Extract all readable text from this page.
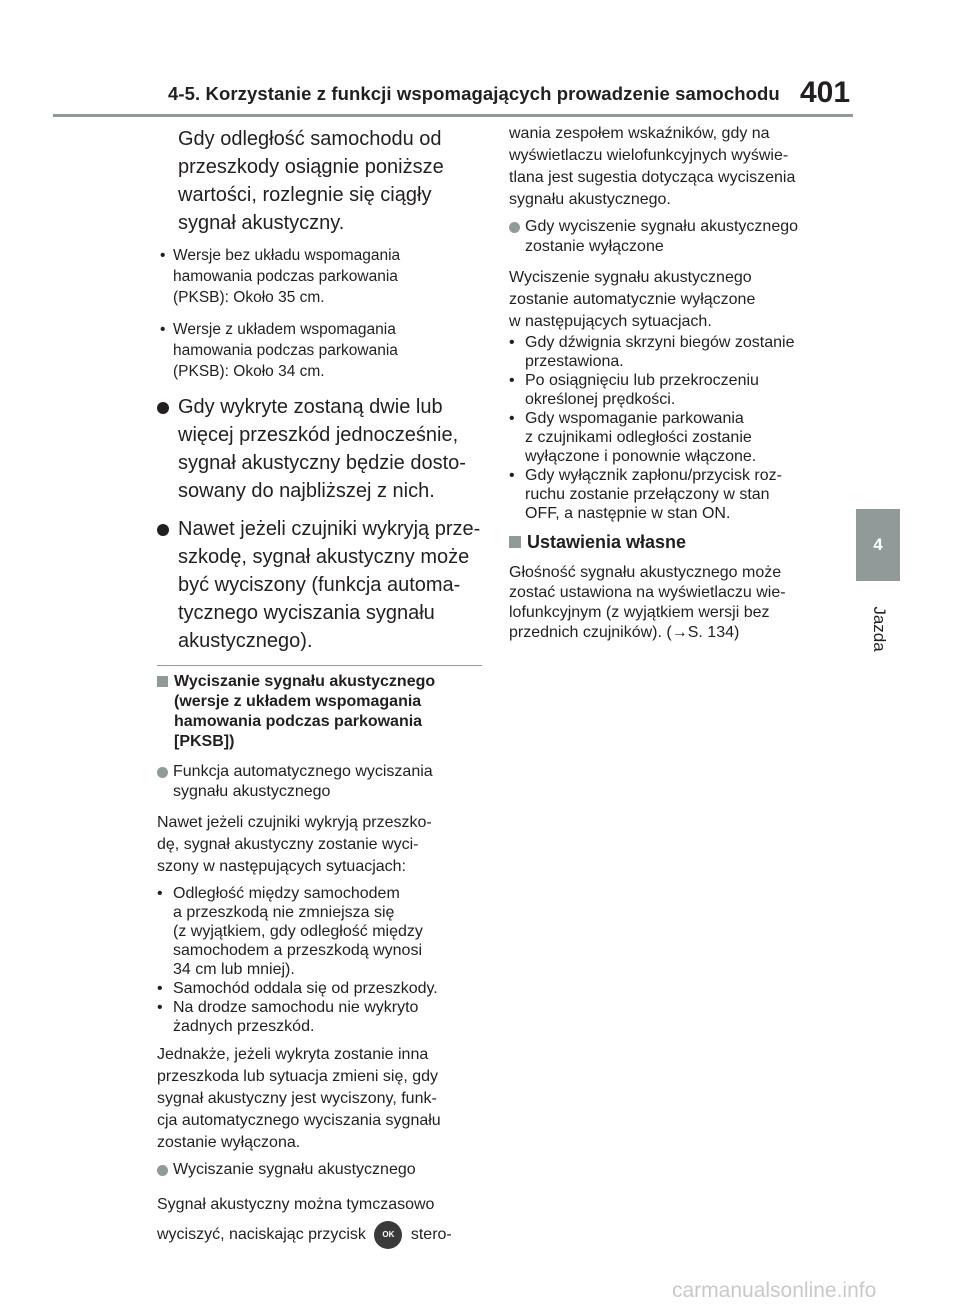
4-5. Korzystanie z funkcji wspomagających prowadzenie samochodu 401
4
Jazda
Gdy odległość samochodu od
przeszkody osiągnie poniższe
wartości, rozlegnie się ciągły
sygnał akustyczny.
• Wersje bez układu wspomagania
hamowania podczas parkowania
(PKSB): Około 35 cm.
• Wersje z układem wspomagania
hamowania podczas parkowania
(PKSB): Około 34 cm.
Gdy wykryte zostaną dwie lub
więcej przeszkód jednocześnie,
sygnał akustyczny będzie dosto-
sowany do najbliższej z nich.
Nawet jeżeli czujniki wykryją prze-
szkodę, sygnał akustyczny może
być wyciszony (funkcja automa-
tycznego wyciszania sygnału
akustycznego).
Wyciszanie sygnału akustycznego
(wersje z układem wspomagania
hamowania podczas parkowania
[PKSB])
Funkcja automatycznego wyciszania
sygnału akustycznego
Nawet jeżeli czujniki wykryją przeszko-
dę, sygnał akustyczny zostanie wyci-
szony w następujących sytuacjach:
• Odległość między samochodem
a przeszkodą nie zmniejsza się
(z wyjątkiem, gdy odległość między
samochodem a przeszkodą wynosi
34 cm lub mniej).
• Samochód oddala się od przeszkody.
• Na drodze samochodu nie wykryto
żadnych przeszkód.
Jednakże, jeżeli wykryta zostanie inna
przeszkoda lub sytuacja zmieni się, gdy
sygnał akustyczny jest wyciszony, funk-
cja automatycznego wyciszania sygnału
zostanie wyłączona.
Wyciszanie sygnału akustycznego
Sygnał akustyczny można tymczasowo
wyciszyć, naciskając przycisk OK stero-
wania zespołem wskaźników, gdy na
wyświetlaczu wielofunkcyjnych wyświe-
tlana jest sugestia dotycząca wyciszenia
sygnału akustycznego.
Gdy wyciszenie sygnału akustycznego
zostanie wyłączone
Wyciszenie sygnału akustycznego
zostanie automatycznie wyłączone
w następujących sytuacjach.
• Gdy dźwignia skrzyni biegów zostanie
przestawiona.
• Po osiągnięciu lub przekroczeniu
określonej prędkości.
• Gdy wspomaganie parkowania
z czujnikami odległości zostanie
wyłączone i ponownie włączone.
• Gdy wyłącznik zapłonu/przycisk roz-
ruchu zostanie przełączony w stan
OFF, a następnie w stan ON.
Ustawienia własne
Głośność sygnału akustycznego może
zostać ustawiona na wyświetlaczu wie-
lofunkcyjnym (z wyjątkiem wersji bez
przednich czujników). (→S. 134)
carmanualsonline.info
